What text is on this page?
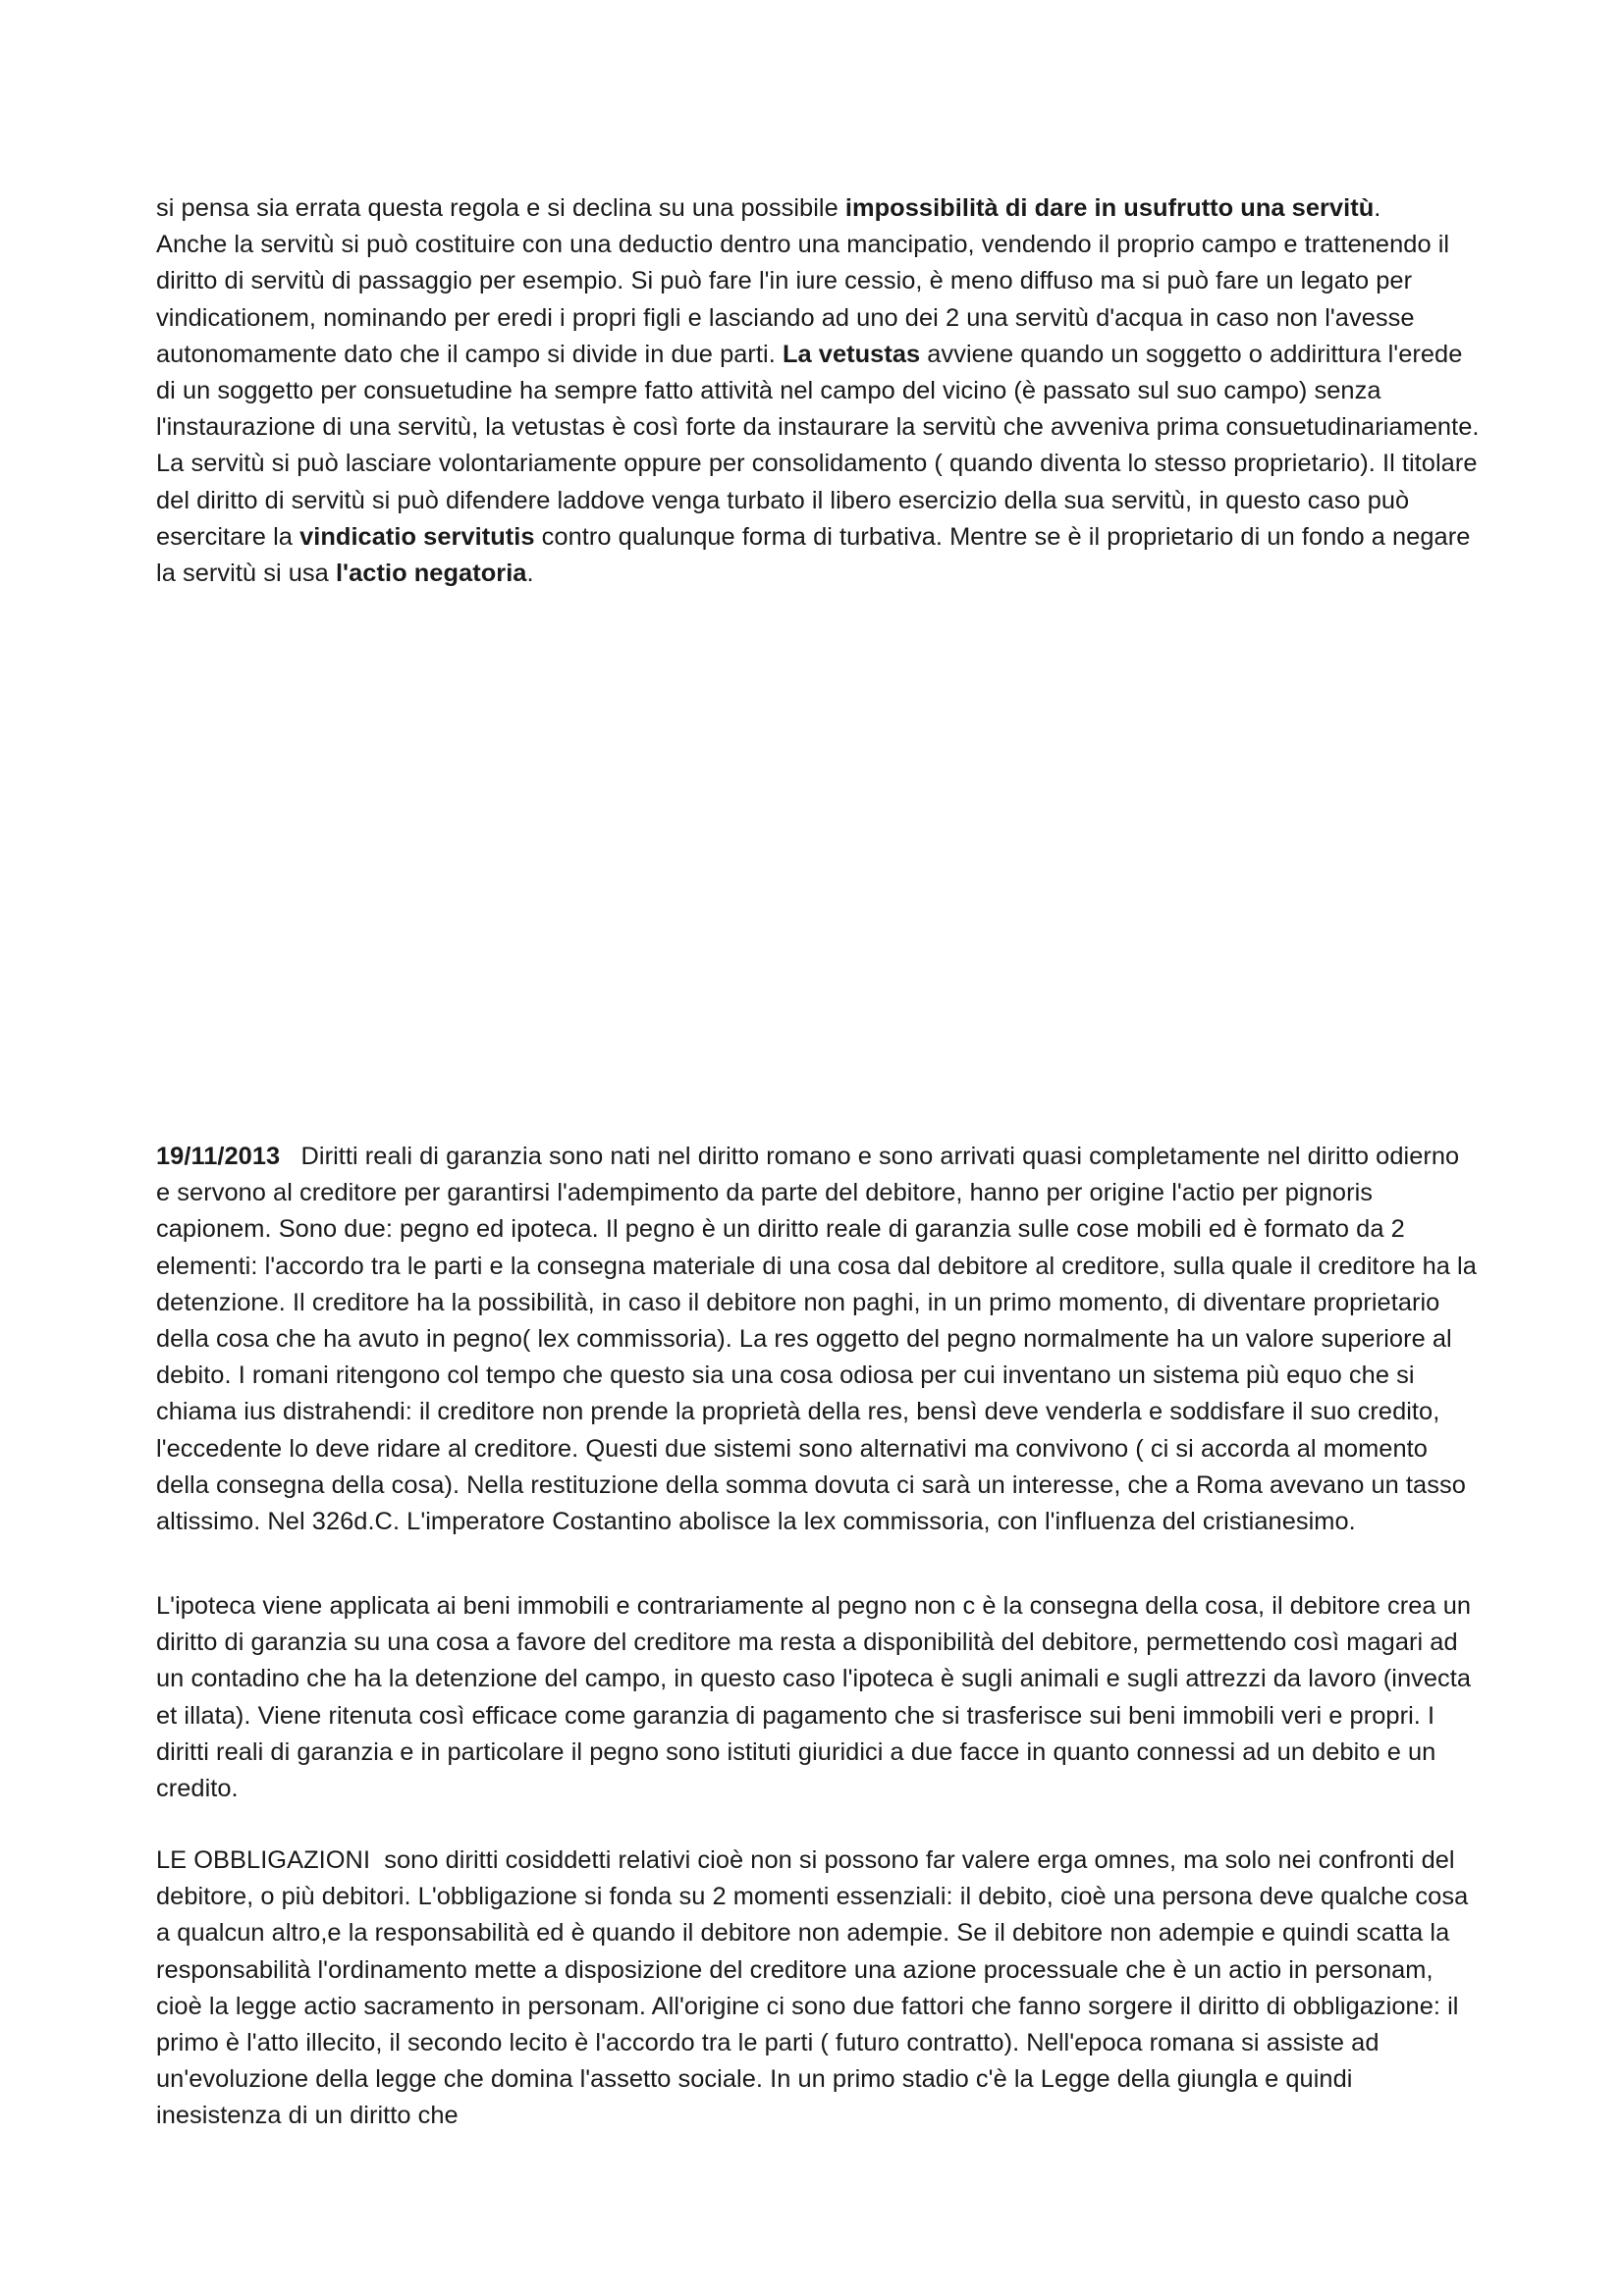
si pensa sia errata questa regola e si declina su una possibile impossibilità di dare in usufrutto una servitù.
Anche la servitù si può costituire con una deductio dentro una mancipatio, vendendo il proprio campo e trattenendo il diritto di servitù di passaggio per esempio. Si può fare l'in iure cessio, è meno diffuso ma si può fare un legato per vindicationem, nominando per eredi i propri figli e lasciando ad uno dei 2 una servitù d'acqua in caso non l'avesse autonomamente dato che il campo si divide in due parti. La vetustas avviene quando un soggetto o addirittura l'erede di un soggetto per consuetudine ha sempre fatto attività nel campo del vicino (è passato sul suo campo) senza l'instaurazione di una servitù, la vetustas è così forte da instaurare la servitù che avveniva prima consuetudinariamente. La servitù si può lasciare volontariamente oppure per consolidamento ( quando diventa lo stesso proprietario). Il titolare del diritto di servitù si può difendere laddove venga turbato il libero esercizio della sua servitù, in questo caso può esercitare la vindicatio servitutis contro qualunque forma di turbativa. Mentre se è il proprietario di un fondo a negare la servitù si usa l'actio negatoria.

19/11/2013   Diritti reali di garanzia sono nati nel diritto romano e sono arrivati quasi completamente nel diritto odierno e servono al creditore per garantirsi l'adempimento da parte del debitore, hanno per origine l'actio per pignoris capionem. Sono due: pegno ed ipoteca. Il pegno è un diritto reale di garanzia sulle cose mobili ed è formato da 2 elementi: l'accordo tra le parti e la consegna materiale di una cosa dal debitore al creditore, sulla quale il creditore ha la detenzione. Il creditore ha la possibilità, in caso il debitore non paghi, in un primo momento, di diventare proprietario della cosa che ha avuto in pegno( lex commissoria). La res oggetto del pegno normalmente ha un valore superiore al debito. I romani ritengono col tempo che questo sia una cosa odiosa per cui inventano un sistema più equo che si chiama ius distrahendi: il creditore non prende la proprietà della res, bensì deve venderla e soddisfare il suo credito, l'eccedente lo deve ridare al creditore. Questi due sistemi sono alternativi ma convivono ( ci si accorda al momento della consegna della cosa). Nella restituzione della somma dovuta ci sarà un interesse, che a Roma avevano un tasso altissimo. Nel 326d.C. L'imperatore Costantino abolisce la lex commissoria, con l'influenza del cristianesimo.

L'ipoteca viene applicata ai beni immobili e contrariamente al pegno non c è la consegna della cosa, il debitore crea un diritto di garanzia su una cosa a favore del creditore ma resta a disponibilità del debitore, permettendo così magari ad un contadino che ha la detenzione del campo, in questo caso l'ipoteca è sugli animali e sugli attrezzi da lavoro (invecta et illata). Viene ritenuta così efficace come garanzia di pagamento che si trasferisce sui beni immobili veri e propri. I diritti reali di garanzia e in particolare il pegno sono istituti giuridici a due facce in quanto connessi ad un debito e un credito.

LE OBBLIGAZIONI  sono diritti cosiddetti relativi cioè non si possono far valere erga omnes, ma solo nei confronti del debitore, o più debitori. L'obbligazione si fonda su 2 momenti essenziali: il debito, cioè una persona deve qualche cosa a qualcun altro,e la responsabilità ed è quando il debitore non adempie. Se il debitore non adempie e quindi scatta la responsabilità l'ordinamento mette a disposizione del creditore una azione processuale che è un actio in personam, cioè la legge actio sacramento in personam. All'origine ci sono due fattori che fanno sorgere il diritto di obbligazione: il primo è l'atto illecito, il secondo lecito è l'accordo tra le parti ( futuro contratto). Nell'epoca romana si assiste ad un'evoluzione della legge che domina l'assetto sociale. In un primo stadio c'è la Legge della giungla e quindi inesistenza di un diritto che
